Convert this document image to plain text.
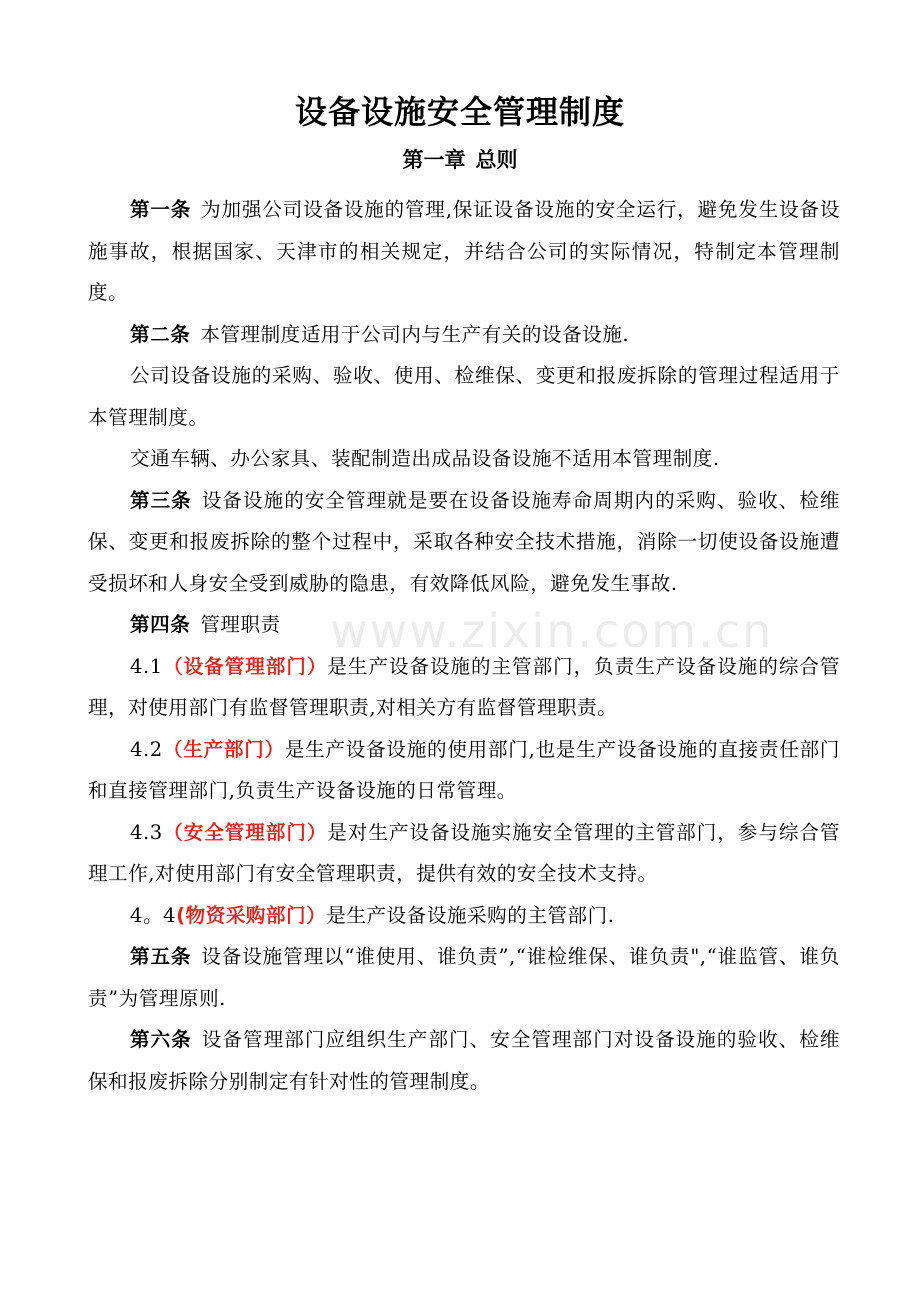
www.zixin.com.cn
设备设施安全管理制度
第一章 总则

第一条 为加强公司设备设施的管理,保证设备设施的安全运行，避免发生设备设施事故，根据国家、天津市的相关规定，并结合公司的实际情况，特制定本管理制度。

第二条 本管理制度适用于公司内与生产有关的设备设施.

公司设备设施的采购、验收、使用、检维保、变更和报废拆除的管理过程适用于本管理制度。

交通车辆、办公家具、装配制造出成品设备设施不适用本管理制度.

第三条 设备设施的安全管理就是要在设备设施寿命周期内的采购、验收、检维保、变更和报废拆除的整个过程中，采取各种安全技术措施，消除一切使设备设施遭受损坏和人身安全受到威胁的隐患，有效降低风险，避免发生事故.

第四条 管理职责

4.1（设备管理部门）是生产设备设施的主管部门，负责生产设备设施的综合管理，对使用部门有监督管理职责,对相关方有监督管理职责。

4.2（生产部门）是生产设备设施的使用部门,也是生产设备设施的直接责任部门和直接管理部门,负责生产设备设施的日常管理。

4.3（安全管理部门）是对生产设备设施实施安全管理的主管部门，参与综合管理工作,对使用部门有安全管理职责，提供有效的安全技术支持。

4。4(物资采购部门）是生产设备设施采购的主管部门.

第五条 设备设施管理以“谁使用、谁负责”,“谁检维保、谁负责",“谁监管、谁负责”为管理原则.

第六条 设备管理部门应组织生产部门、安全管理部门对设备设施的验收、检维保和报废拆除分别制定有针对性的管理制度。
